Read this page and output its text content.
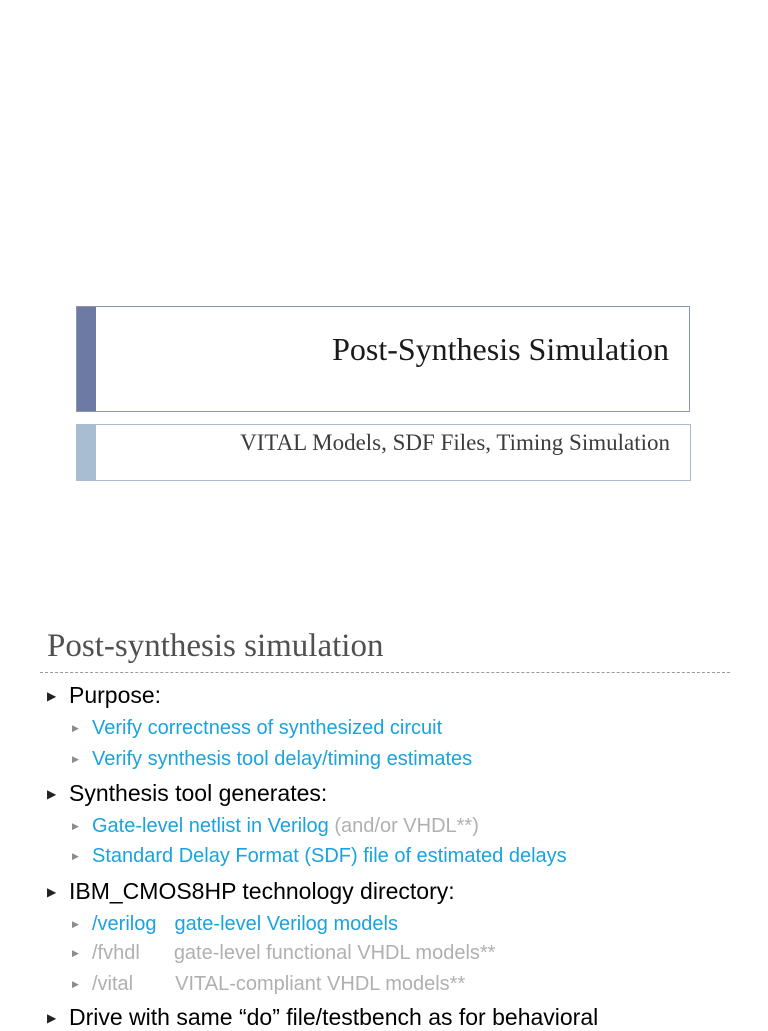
Post-Synthesis Simulation
VITAL Models, SDF Files, Timing Simulation
Post-synthesis simulation
▶ Purpose:
▶ Verify correctness of synthesized circuit
▶ Verify synthesis tool delay/timing estimates
▶ Synthesis tool generates:
▶ Gate-level netlist in Verilog (and/or VHDL**)
▶ Standard Delay Format (SDF) file of estimated delays
▶ IBM_CMOS8HP technology directory:
▶ /verilog gate-level Verilog models
▶ /fvhdl gate-level functional VHDL models**
▶ /vital VITAL-compliant VHDL models**
▶ Drive with same “do” file/testbench as for behavioral
